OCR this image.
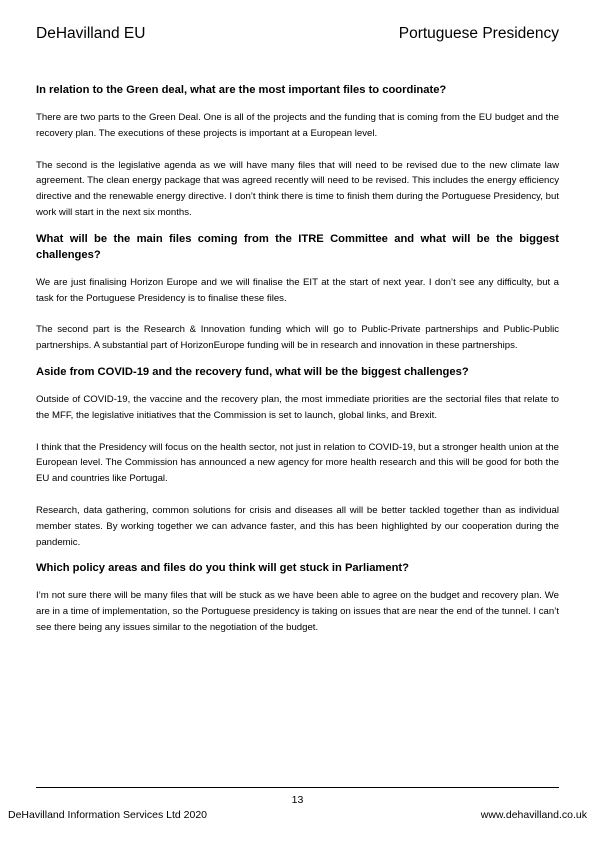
DeHavilland EU	Portuguese Presidency

In relation to the Green deal, what are the most important files to coordinate?

There are two parts to the Green Deal. One is all of the projects and the funding that is coming from the EU budget and the recovery plan. The executions of these projects is important at a European level.

The second is the legislative agenda as we will have many files that will need to be revised due to the new climate law agreement. The clean energy package that was agreed recently will need to be revised. This includes the energy efficiency directive and the renewable energy directive. I don’t think there is time to finish them during the Portuguese Presidency, but work will start in the next six months.

What will be the main files coming from the ITRE Committee and what will be the biggest challenges?

We are just finalising Horizon Europe and we will finalise the EIT at the start of next year. I don’t see any difficulty, but a task for the Portuguese Presidency is to finalise these files.

The second part is the Research & Innovation funding which will go to Public-Private partnerships and Public-Public partnerships. A substantial part of HorizonEurope funding will be in research and innovation in these partnerships.

Aside from COVID-19 and the recovery fund, what will be the biggest challenges?

Outside of COVID-19, the vaccine and the recovery plan, the most immediate priorities are the sectorial files that relate to the MFF, the legislative initiatives that the Commission is set to launch, global links, and Brexit.

I think that the Presidency will focus on the health sector, not just in relation to COVID-19, but a stronger health union at the European level. The Commission has announced a new agency for more health research and this will be good for both the EU and countries like Portugal.

Research, data gathering, common solutions for crisis and diseases all will be better tackled together than as individual member states. By working together we can advance faster, and this has been highlighted by our cooperation during the pandemic.

Which policy areas and files do you think will get stuck in Parliament?

I’m not sure there will be many files that will be stuck as we have been able to agree on the budget and recovery plan. We are in a time of implementation, so the Portuguese presidency is taking on issues that are near the end of the tunnel. I can’t see there being any issues similar to the negotiation of the budget.

13
DeHavilland Information Services Ltd 2020	www.dehavilland.co.uk
